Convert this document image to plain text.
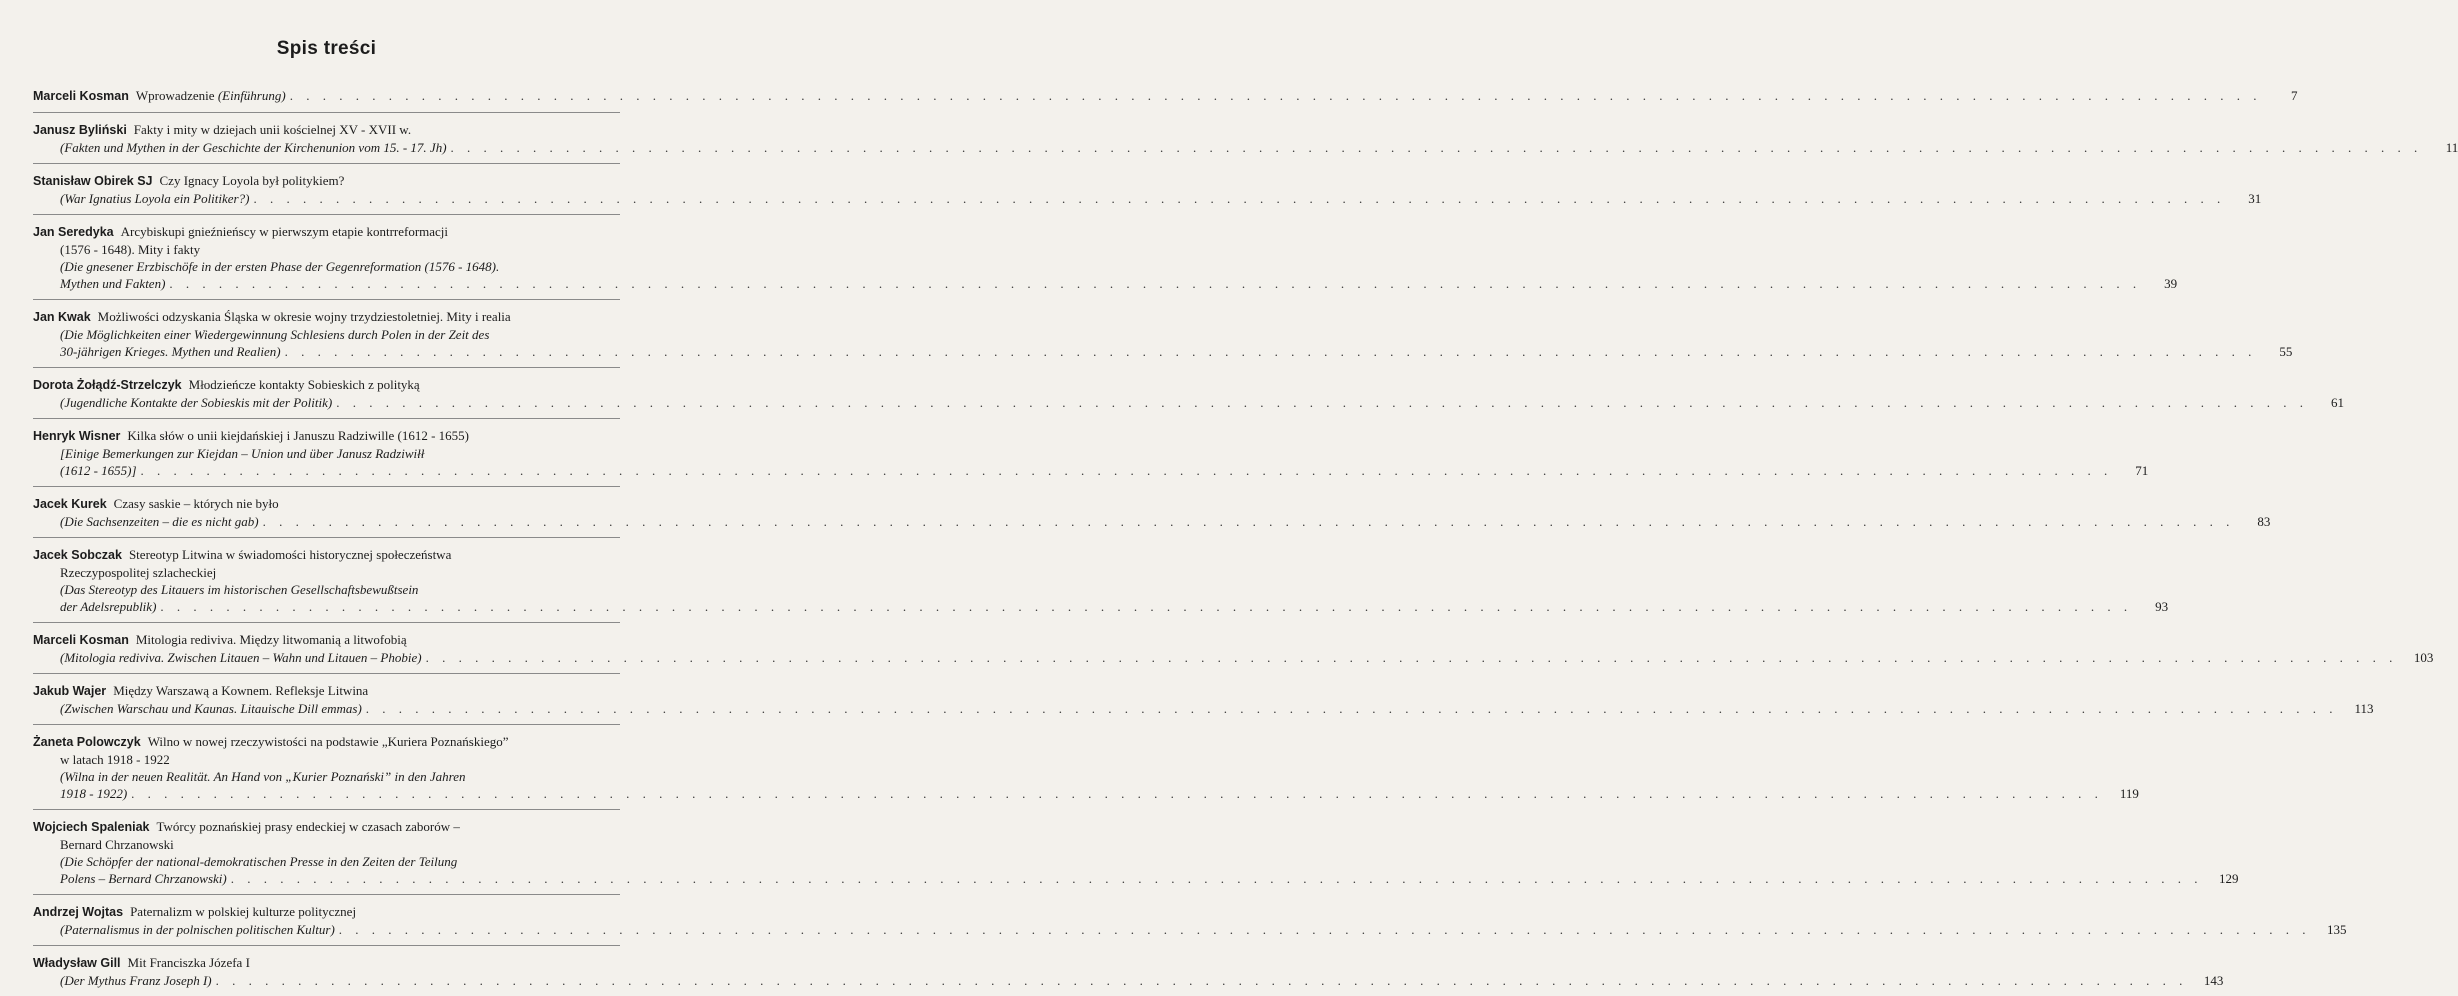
Spis treści
Marceli Kosman Wprowadzenie (Einführung) . . . . . . . . . . . . . . . . . . . . . . . . . . . . . . . . . . . . . . . . . . . . . . . . . . . . . . . . . . . . . . . . . . . . . . . . . . . . . . . . . . . . . . . . . . . . . . . . . . . . . . . . . . . . . . . . . . . . . . . .	7
Janusz Byliński Fakty i mity w dziejach unii kościelnej XV - XVII w.
(Fakten und Mythen in der Geschichte der Kirchenunion vom 15. - 17. Jh) . . . . . . . . . . . . . . . . . . . . . . . . . . . . . . . . . . . . . . . . . . . . . . . . . . . . . . . . . . . . . . . . . . . . . . . . . . . . . . . . . . . . . . . . . . . . . . . . . . . . . . . . . . . . . . . . . . . . . . . .	11
Stanisław Obirek SJ Czy Ignacy Loyola był politykiem?
(War Ignatius Loyola ein Politiker?) . . . . . . . . . . . . . . . . . . . . . . . . . . . . . . . . . . . . . . . . . . . . . . . . . . . . . . . . . . . . . . . . . . . . . . . . . . . . . . . . . . . . . . . . . . . . . . . . . . . . . . . . . . . . . . . . . . . . . . . .	31
Jan Seredyka Arcybiskupi gnieźnieńscy w pierwszym etapie kontrreformacji
(1576 - 1648). Mity i fakty
(Die gnesener Erzbischöfe in der ersten Phase der Gegenreformation (1576 - 1648).
Mythen und Fakten) . . . . . . . . . . . . . . . . . . . . . . . . . . . . . . . . . . . . . . . . . . . . . . . . . . . . . . . . . . . . . . . . . . . . . . . . . . . . . . . . . . . . . . . . . . . . . . . . . . . . . . . . . . . . . . . . . . . . . . . .	39
Jan Kwak Możliwości odzyskania Śląska w okresie wojny trzydziestoletniej. Mity i realia
(Die Möglichkeiten einer Wiedergewinnung Schlesiens durch Polen in der Zeit des
30-jährigen Krieges. Mythen und Realien) . . . . . . . . . . . . . . . . . . . . . . . . . . . . . . . . . . . . . . . . . . . . . . . . . . . . . . . . . . . . . . . . . . . . . . . . . . . . . . . . . . . . . . . . . . . . . . . . . . . . . . . . . . . . . . . . . . . . . . . .	55
Dorota Żołądź-Strzelczyk Młodzieńcze kontakty Sobieskich z polityką
(Jugendliche Kontakte der Sobieskis mit der Politik) . . . . . . . . . . . . . . . . . . . . . . . . . . . . . . . . . . . . . . . . . . . . . . . . . . . . . . . . . . . . . . . . . . . . . . . . . . . . . . . . . . . . . . . . . . . . . . . . . . . . . . . . . . . . . . . . . . . . . . . .	61
Henryk Wisner Kilka słów o unii kiejdańskiej i Januszu Radziwille (1612 - 1655)
[Einige Bemerkungen zur Kiejdan – Union und über Janusz Radziwiłł
(1612 - 1655)] . . . . . . . . . . . . . . . . . . . . . . . . . . . . . . . . . . . . . . . . . . . . . . . . . . . . . . . . . . . . . . . . . . . . . . . . . . . . . . . . . . . . . . . . . . . . . . . . . . . . . . . . . . . . . . . . . . . . . . . .	71
Jacek Kurek Czasy saskie – których nie było
(Die Sachsenzeiten – die es nicht gab) . . . . . . . . . . . . . . . . . . . . . . . . . . . . . . . . . . . . . . . . . . . . . . . . . . . . . . . . . . . . . . . . . . . . . . . . . . . . . . . . . . . . . . . . . . . . . . . . . . . . . . . . . . . . . . . . . . . . . . . .	83
Jacek Sobczak Stereotyp Litwina w świadomości historycznej społeczeństwa
Rzeczypospolitej szlacheckiej
(Das Stereotyp des Litauers im historischen Gesellschaftsbewußtsein
der Adelsrepublik) . . . . . . . . . . . . . . . . . . . . . . . . . . . . . . . . . . . . . . . . . . . . . . . . . . . . . . . . . . . . . . . . . . . . . . . . . . . . . . . . . . . . . . . . . . . . . . . . . . . . . . . . . . . . . . . . . . . . . . . .	93
Marceli Kosman Mitologia rediviva. Między litwomanią a litwofobią
(Mitologia rediviva. Zwischen Litauen – Wahn und Litauen – Phobie) . . . . . . . . . . . . . . . . . . . . . . . . . . . . . . . . . . . . . . . . . . . . . . . . . . . . . . . . . . . . . . . . . . . . . . . . . . . . . . . . . . . . . . . . . . . . . . . . . . . . . . . . . . . . . . . . . . . . . . . .	103
Jakub Wajer Między Warszawą a Kownem. Refleksje Litwina
(Zwischen Warschau und Kaunas. Litauische Dill emmas) . . . . . . . . . . . . . . . . . . . . . . . . . . . . . . . . . . . . . . . . . . . . . . . . . . . . . . . . . . . . . . . . . . . . . . . . . . . . . . . . . . . . . . . . . . . . . . . . . . . . . . . . . . . . . . . . . . . . . . . .	113
Żaneta Polowczyk Wilno w nowej rzeczywistości na podstawie „Kuriera Poznańskiego”
w latach 1918 - 1922
(Wilna in der neuen Realität. An Hand von „Kurier Poznański” in den Jahren
1918 - 1922) . . . . . . . . . . . . . . . . . . . . . . . . . . . . . . . . . . . . . . . . . . . . . . . . . . . . . . . . . . . . . . . . . . . . . . . . . . . . . . . . . . . . . . . . . . . . . . . . . . . . . . . . . . . . . . . . . . . . . . . .	119
Wojciech Spaleniak Twórcy poznańskiej prasy endeckiej w czasach zaborów –
Bernard Chrzanowski
(Die Schöpfer der national-demokratischen Presse in den Zeiten der Teilung
Polens – Bernard Chrzanowski) . . . . . . . . . . . . . . . . . . . . . . . . . . . . . . . . . . . . . . . . . . . . . . . . . . . . . . . . . . . . . . . . . . . . . . . . . . . . . . . . . . . . . . . . . . . . . . . . . . . . . . . . . . . . . . . . . . . . . . . .	129
Andrzej Wojtas Paternalizm w polskiej kulturze politycznej
(Paternalismus in der polnischen politischen Kultur) . . . . . . . . . . . . . . . . . . . . . . . . . . . . . . . . . . . . . . . . . . . . . . . . . . . . . . . . . . . . . . . . . . . . . . . . . . . . . . . . . . . . . . . . . . . . . . . . . . . . . . . . . . . . . . . . . . . . . . . .	135
Władysław Gill Mit Franciszka Józefa I
(Der Mythus Franz Joseph I) . . . . . . . . . . . . . . . . . . . . . . . . . . . . . . . . . . . . . . . . . . . . . . . . . . . . . . . . . . . . . . . . . . . . . . . . . . . . . . . . . . . . . . . . . . . . . . . . . . . . . . . . . . . . . . . . . . . . . . . .	143
